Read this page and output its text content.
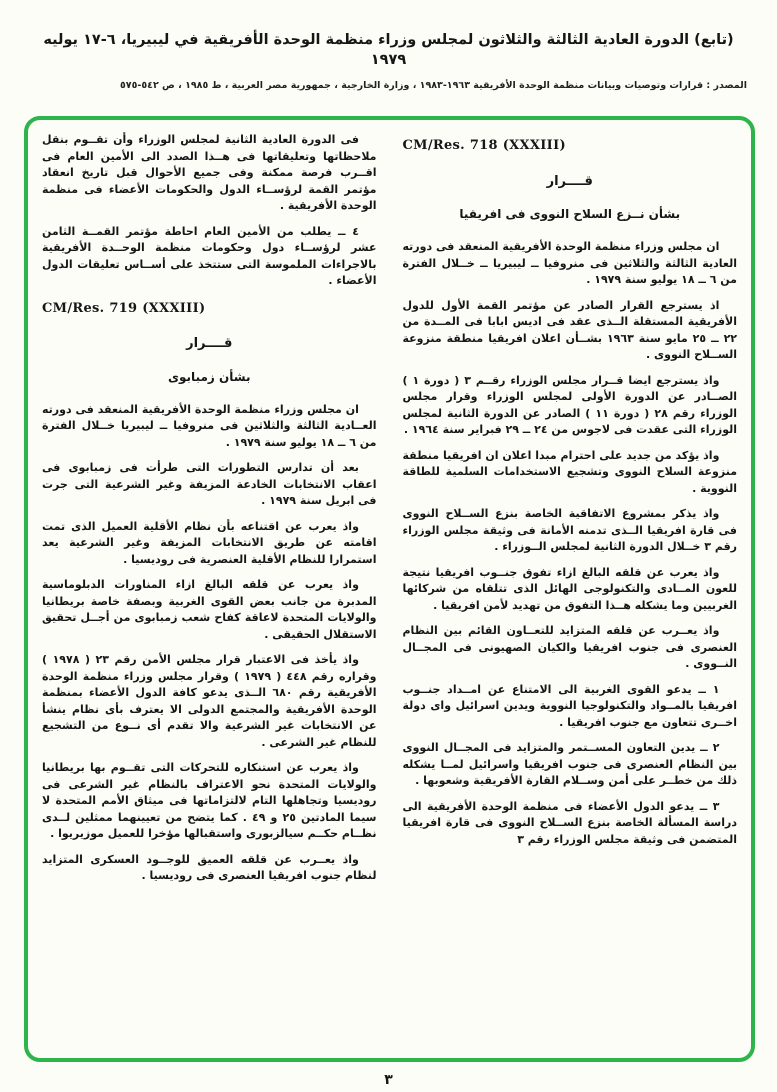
(تابع) الدورة العادية الثالثة والثلاثون لمجلس وزراء منظمة الوحدة الأفريقية في ليبيريا، ٦-١٧ يوليه ١٩٧٩
المصدر : قرارات وتوصيات وبيانات منظمة الوحدة الأفريقية ١٩٦٣-١٩٨٣ ، وزارة الخارجية ، جمهورية مصر العربية ، ط ١٩٨٥ ، ص ٥٤٢-٥٧٥
CM/Res. 718 (XXXIII)
قــــرار
بشأن نــزع السلاح النووى فى افريقيا

ان مجلس وزراء منظمة الوحدة الأفريقية المنعقد فى دورته العادية الثالثة والثلاثين فى منروفيا ــ ليبيريا ــ خــلال الفترة من ٦ ــ ١٨ يوليو سنة ١٩٧٩ .

اذ يسترجع القرار الصادر عن مؤتمر القمة الأول للدول الأفريقية المستقلة الــذى عقد فى اديس ابابا فى المــدة من ٢٢ ــ ٢٥ مايو سنة ١٩٦٣ بشــأن اعلان افريقيا منطقة منزوعة الســلاح النووى .

واذ يسترجع ايضا قــرار مجلس الوزراء رقــم ٣ ( دورة ١ ) الصــادر عن الدورة الأولى لمجلس الوزراء وقرار مجلس الوزراء رقم ٢٨ ( دورة ١١ ) الصادر عن الدورة الثانية لمجلس الوزراء التى عقدت فى لاجوس من ٢٤ ــ ٢٩ فبراير سنة ١٩٦٤ .

واذ يؤكد من جديد على احترام مبدا اعلان ان افريقيا منطقة منزوعة السلاح النووى وتشجيع الاستخدامات السلمية للطاقة النووية .

واذ يذكر بمشروع الاتفاقية الخاصة بنزع الســلاح النووى فى قارة افريقيا الــذى تدمنه الأمانة فى وثيقة مجلس الوزراء رقم ٣ خــلال الدورة الثانية لمجلس الــوزراء .

واذ يعرب عن قلقه البالغ ازاء تفوق جنــوب افريقيا نتيجة للعون المــادى والتكنولوجى الهائل الذى تتلقاه من شركائها الغربيين وما يشكله هــذا التفوق من تهديد لأمن افريقيا .

واذ يعــرب عن قلقه المتزايد للتعــاون القائم بين النظام العنصرى فى جنوب افريقيا والكيان الصهيونى فى المجــال النــووى .

١ ــ يدعو القوى الغربية الى الامتناع عن امــداد جنــوب افريقيا بالمــواد والتكنولوجيا النووية ويدين اسرائيل واى دولة اخــرى تتعاون مع جنوب افريقيا .

٢ ــ يدين التعاون المســتمر والمتزايد فى المجــال النووى بين النظام العنصرى فى جنوب افريقيا واسرائيل لمــا يشكله ذلك من خطــر على أمن وســلام القارة الأفريقية وشعوبها .

٣ ــ يدعو الدول الأعضاء فى منظمة الوحدة الأفريقية الى دراسة المسألة الخاصة بنزع الســلاح النووى فى قارة افريقيا المتضمن فى وثيقة مجلس الوزراء رقم ٣

فى الدورة العادية الثانية لمجلس الوزراء وأن تقــوم بنقل ملاحظاتها وتعليقاتها فى هــذا الصدد الى الأمين العام فى اقــرب فرصة ممكنة وفى جميع الأحوال قبل تاريخ انعقاد مؤتمر القمة لرؤســاء الدول والحكومات الأعضاء فى منظمة الوحدة الأفريقية .

٤ ــ يطلب من الأمين العام احاطة مؤتمر القمــة الثامن عشر لرؤســاء دول وحكومات منظمة الوحــدة الأفريقية بالاجراءات الملموسة التى ستتخذ على أســاس تعليقات الدول الأعضاء .

CM/Res. 719 (XXXIII)
قــــرار
بشأن زمبابوى

ان مجلس وزراء منظمة الوحدة الأفريقية المنعقد فى دورته العــادية الثالثة والثلاثين فى منروفيا ــ ليبيريا خــلال الفترة من ٦ ــ ١٨ يوليو سنة ١٩٧٩ .

بعد أن تدارس التطورات التى طرأت فى زمبابوى فى اعقاب الانتخابات الخادعة المزيفة وغير الشرعية التى جرت فى ابريل سنة ١٩٧٩ .

واذ يعرب عن اقتناعه بأن نظام الأقلية العميل الذى تمت اقامته عن طريق الانتخابات المزيفة وغير الشرعية يعد استمرارا للنظام الأقلية العنصرية فى روديسيا .

واذ يعرب عن قلقه البالغ ازاء المناورات الدبلوماسية المدبرة من جانب بعض القوى الغربية وبصفة خاصة بريطانيا والولايات المتحدة لاعاقة كفاح شعب زمبابوى من أجــل تحقيق الاستقلال الحقيقى .

واذ يأخذ فى الاعتبار قرار مجلس الأمن رقم ٢٣ ( ١٩٧٨ ) وقراره رقم ٤٤٨ ( ١٩٧٩ ) وقرار مجلس وزراء منظمة الوحدة الأفريقية رقم ٦٨٠ الــذى يدعو كافة الدول الأعضاء بمنظمة الوحدة الأفريقية والمجتمع الدولى الا يعترف بأى نظام ينشأ عن الانتخابات غير الشرعية والا تقدم أى نــوع من التشجيع للنظام غير الشرعى .

واذ يعرب عن استنكاره للتحركات التى تقــوم بها بريطانيا والولايات المتحدة نحو الاعتراف بالنظام غير الشرعى فى روديسيا وتجاهلها التام لالتزاماتها فى ميثاق الأمم المتحدة لا سيما المادتين ٢٥ و ٤٩ . كما يتضح من تعيينهما ممثلين لــدى نظــام حكــم سيالزبورى واستقبالها مؤخرا للعميل موزيريوا .

واذ يعــرب عن قلقه العميق للوجــود العسكرى المتزايد لنظام جنوب افريقيا العنصرى فى روديسيا .

٣
